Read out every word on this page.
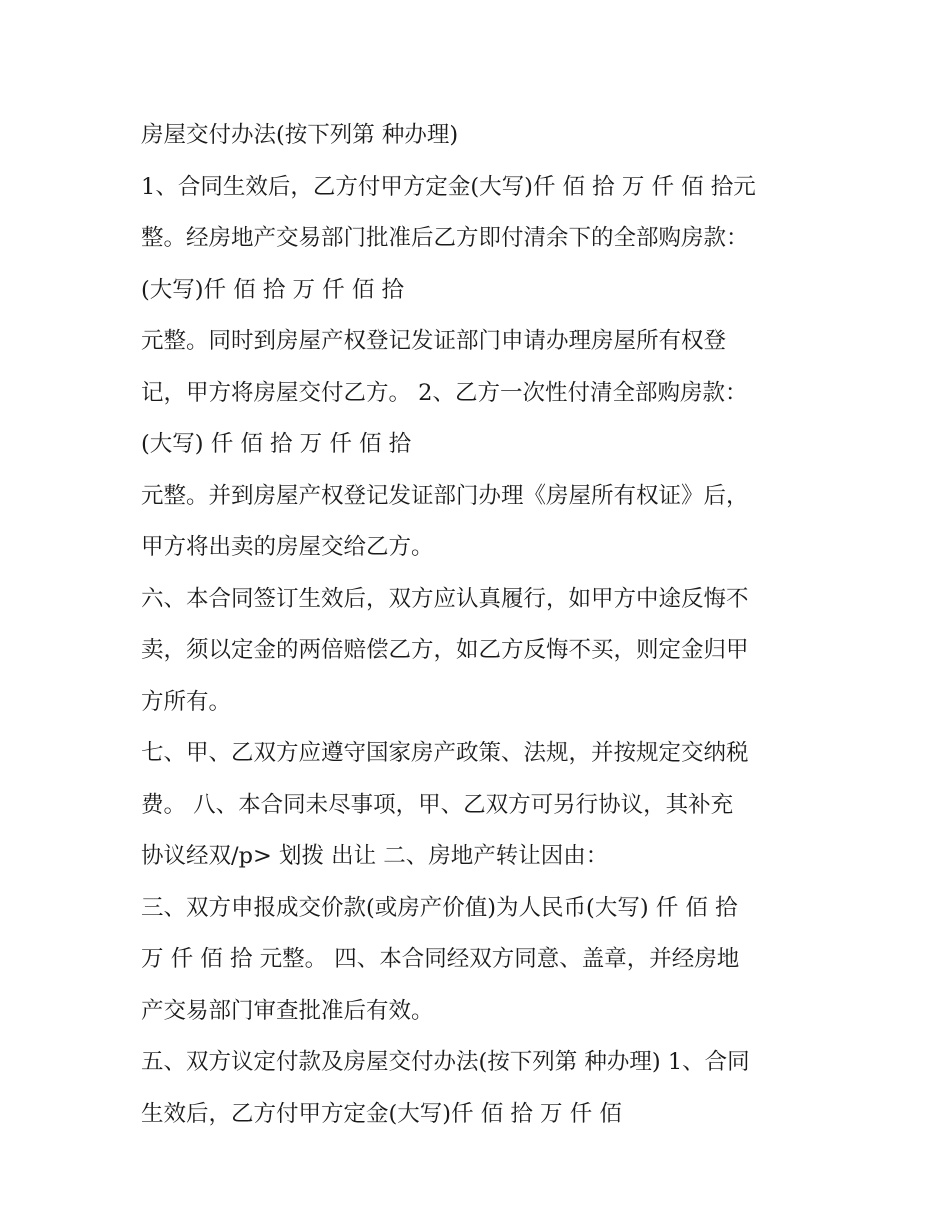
房屋交付办法(按下列第 种办理)
1、合同生效后，乙方付甲方定金(大写)仟 佰 拾 万 仟 佰 拾元
整。经房地产交易部门批准后乙方即付清余下的全部购房款：
(大写)仟 佰 拾 万 仟 佰 拾
元整。同时到房屋产权登记发证部门申请办理房屋所有权登
记，甲方将房屋交付乙方。 2、乙方一次性付清全部购房款：
(大写) 仟 佰 拾 万 仟 佰 拾
元整。并到房屋产权登记发证部门办理《房屋所有权证》后，
甲方将出卖的房屋交给乙方。
六、本合同签订生效后，双方应认真履行，如甲方中途反悔不
卖，须以定金的两倍赔偿乙方，如乙方反悔不买，则定金归甲
方所有。
七、甲、乙双方应遵守国家房产政策、法规，并按规定交纳税
费。 八、本合同未尽事项，甲、乙双方可另行协议，其补充
协议经双/p> 划拨 出让 二、房地产转让因由：
三、双方申报成交价款(或房产价值)为人民币(大写) 仟 佰 拾
万 仟 佰 拾 元整。 四、本合同经双方同意、盖章，并经房地
产交易部门审查批准后有效。
五、双方议定付款及房屋交付办法(按下列第 种办理) 1、合同
生效后，乙方付甲方定金(大写)仟 佰 拾 万 仟 佰
